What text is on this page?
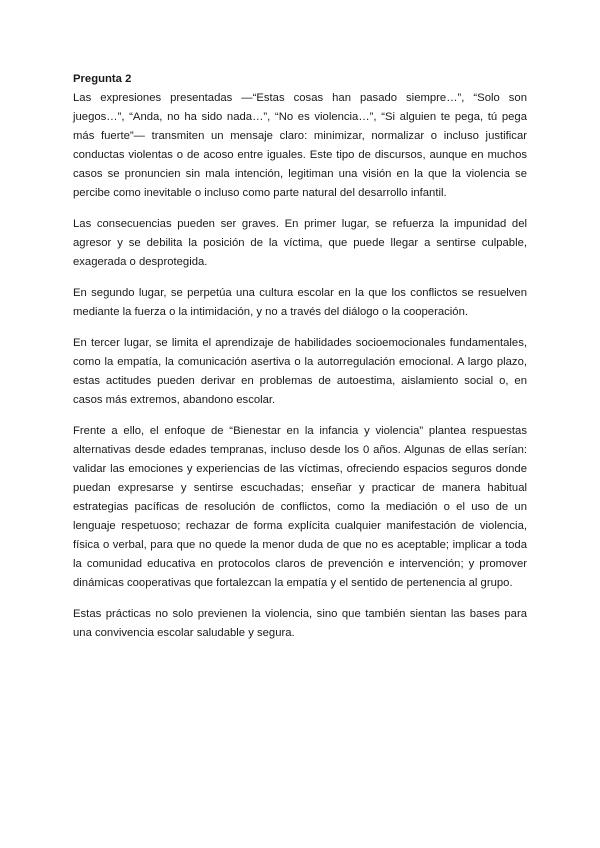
Pregunta 2

Las expresiones presentadas —“Estas cosas han pasado siempre…”, “Solo son juegos…”, “Anda, no ha sido nada…”, “No es violencia…”, “Si alguien te pega, tú pega más fuerte”— transmiten un mensaje claro: minimizar, normalizar o incluso justificar conductas violentas o de acoso entre iguales. Este tipo de discursos, aunque en muchos casos se pronuncien sin mala intención, legitiman una visión en la que la violencia se percibe como inevitable o incluso como parte natural del desarrollo infantil.

Las consecuencias pueden ser graves. En primer lugar, se refuerza la impunidad del agresor y se debilita la posición de la víctima, que puede llegar a sentirse culpable, exagerada o desprotegida.

En segundo lugar, se perpetúa una cultura escolar en la que los conflictos se resuelven mediante la fuerza o la intimidación, y no a través del diálogo o la cooperación.

En tercer lugar, se limita el aprendizaje de habilidades socioemocionales fundamentales, como la empatía, la comunicación asertiva o la autorregulación emocional. A largo plazo, estas actitudes pueden derivar en problemas de autoestima, aislamiento social o, en casos más extremos, abandono escolar.

Frente a ello, el enfoque de “Bienestar en la infancia y violencia” plantea respuestas alternativas desde edades tempranas, incluso desde los 0 años. Algunas de ellas serían: validar las emociones y experiencias de las víctimas, ofreciendo espacios seguros donde puedan expresarse y sentirse escuchadas; enseñar y practicar de manera habitual estrategias pacíficas de resolución de conflictos, como la mediación o el uso de un lenguaje respetuoso; rechazar de forma explícita cualquier manifestación de violencia, física o verbal, para que no quede la menor duda de que no es aceptable; implicar a toda la comunidad educativa en protocolos claros de prevención e intervención; y promover dinámicas cooperativas que fortalezcan la empatía y el sentido de pertenencia al grupo.

Estas prácticas no solo previenen la violencia, sino que también sientan las bases para una convivencia escolar saludable y segura.
